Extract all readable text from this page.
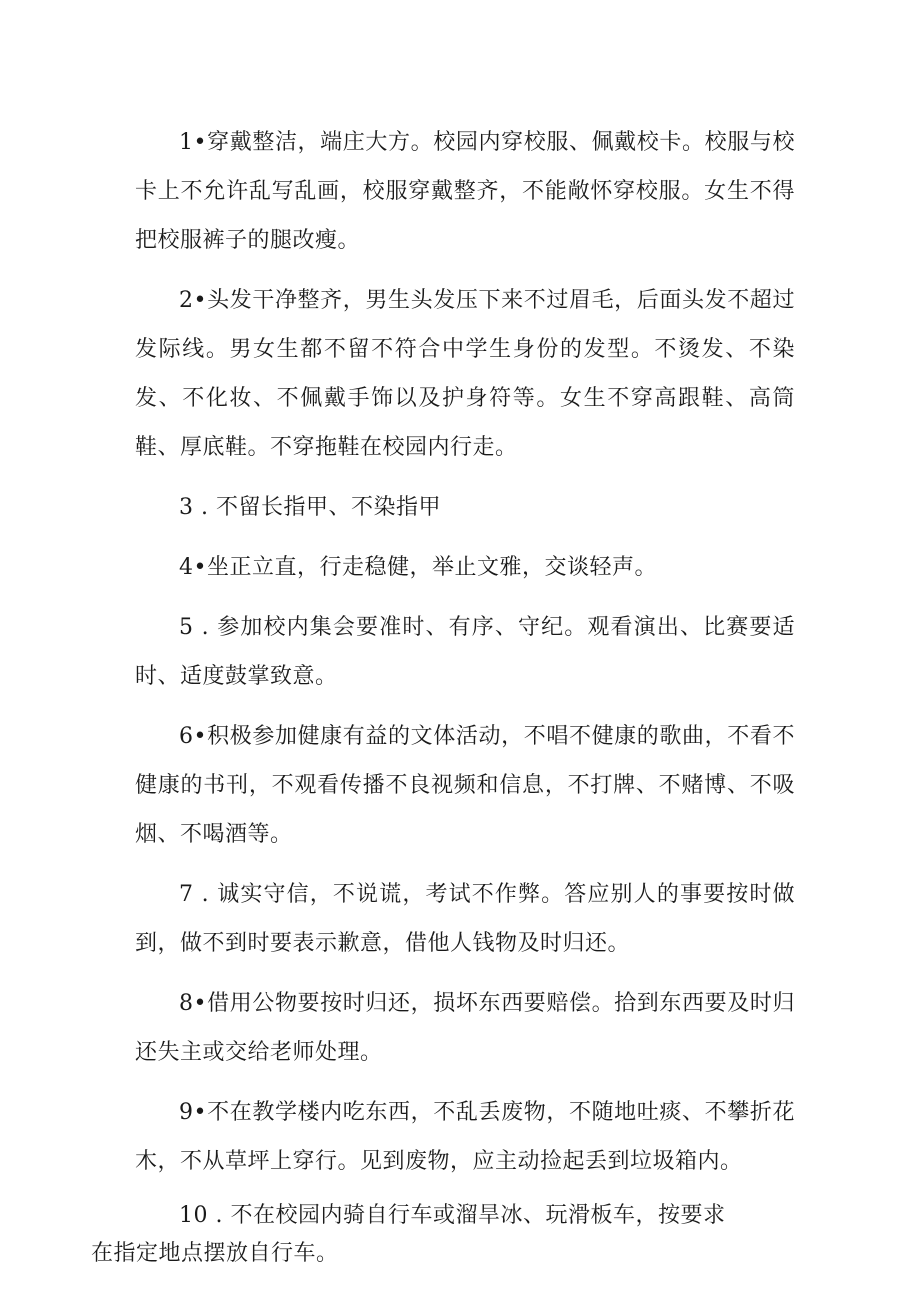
1•穿戴整洁，端庄大方。校园内穿校服、佩戴校卡。校服与校卡上不允许乱写乱画，校服穿戴整齐，不能敞怀穿校服。女生不得把校服裤子的腿改瘦。

2•头发干净整齐，男生头发压下来不过眉毛，后面头发不超过发际线。男女生都不留不符合中学生身份的发型。不烫发、不染发、不化妆、不佩戴手饰以及护身符等。女生不穿高跟鞋、高筒鞋、厚底鞋。不穿拖鞋在校园内行走。

3 . 不留长指甲、不染指甲

4•坐正立直，行走稳健，举止文雅，交谈轻声。

5 . 参加校内集会要准时、有序、守纪。观看演出、比赛要适时、适度鼓掌致意。

6•积极参加健康有益的文体活动，不唱不健康的歌曲，不看不健康的书刊，不观看传播不良视频和信息，不打牌、不赌博、不吸烟、不喝酒等。

7 . 诚实守信，不说谎，考试不作弊。答应别人的事要按时做到，做不到时要表示歉意，借他人钱物及时归还。

8•借用公物要按时归还，损坏东西要赔偿。拾到东西要及时归还失主或交给老师处理。

9•不在教学楼内吃东西，不乱丢废物，不随地吐痰、不攀折花木，不从草坪上穿行。见到废物，应主动捡起丢到垃圾箱内。

10 . 不在校园内骑自行车或溜旱冰、玩滑板车，按要求
在指定地点摆放自行车。
